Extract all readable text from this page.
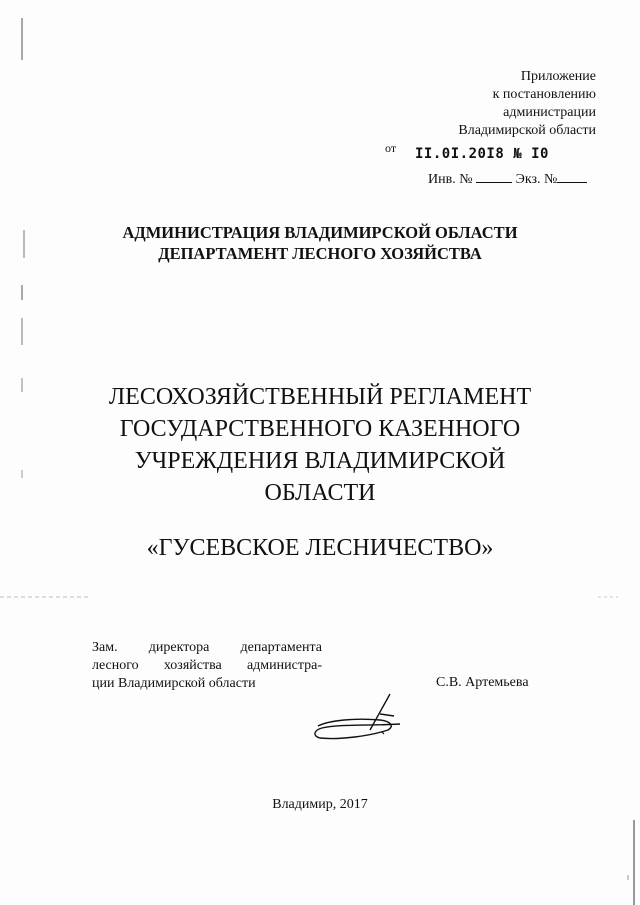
Приложение
к постановлению
администрации
Владимирской области
от II.0I.20I8 № I0
Инв. №	Экз. №
АДМИНИСТРАЦИЯ ВЛАДИМИРСКОЙ ОБЛАСТИ
ДЕПАРТАМЕНТ ЛЕСНОГО ХОЗЯЙСТВА
ЛЕСОХОЗЯЙСТВЕННЫЙ РЕГЛАМЕНТ
ГОСУДАРСТВЕННОГО КАЗЕННОГО
УЧРЕЖДЕНИЯ ВЛАДИМИРСКОЙ
ОБЛАСТИ
«ГУСЕВСКОЕ ЛЕСНИЧЕСТВО»
Зам. директора департамента
лесного хозяйства администра-
ции Владимирской области	С.В. Артемьева
Владимир, 2017
